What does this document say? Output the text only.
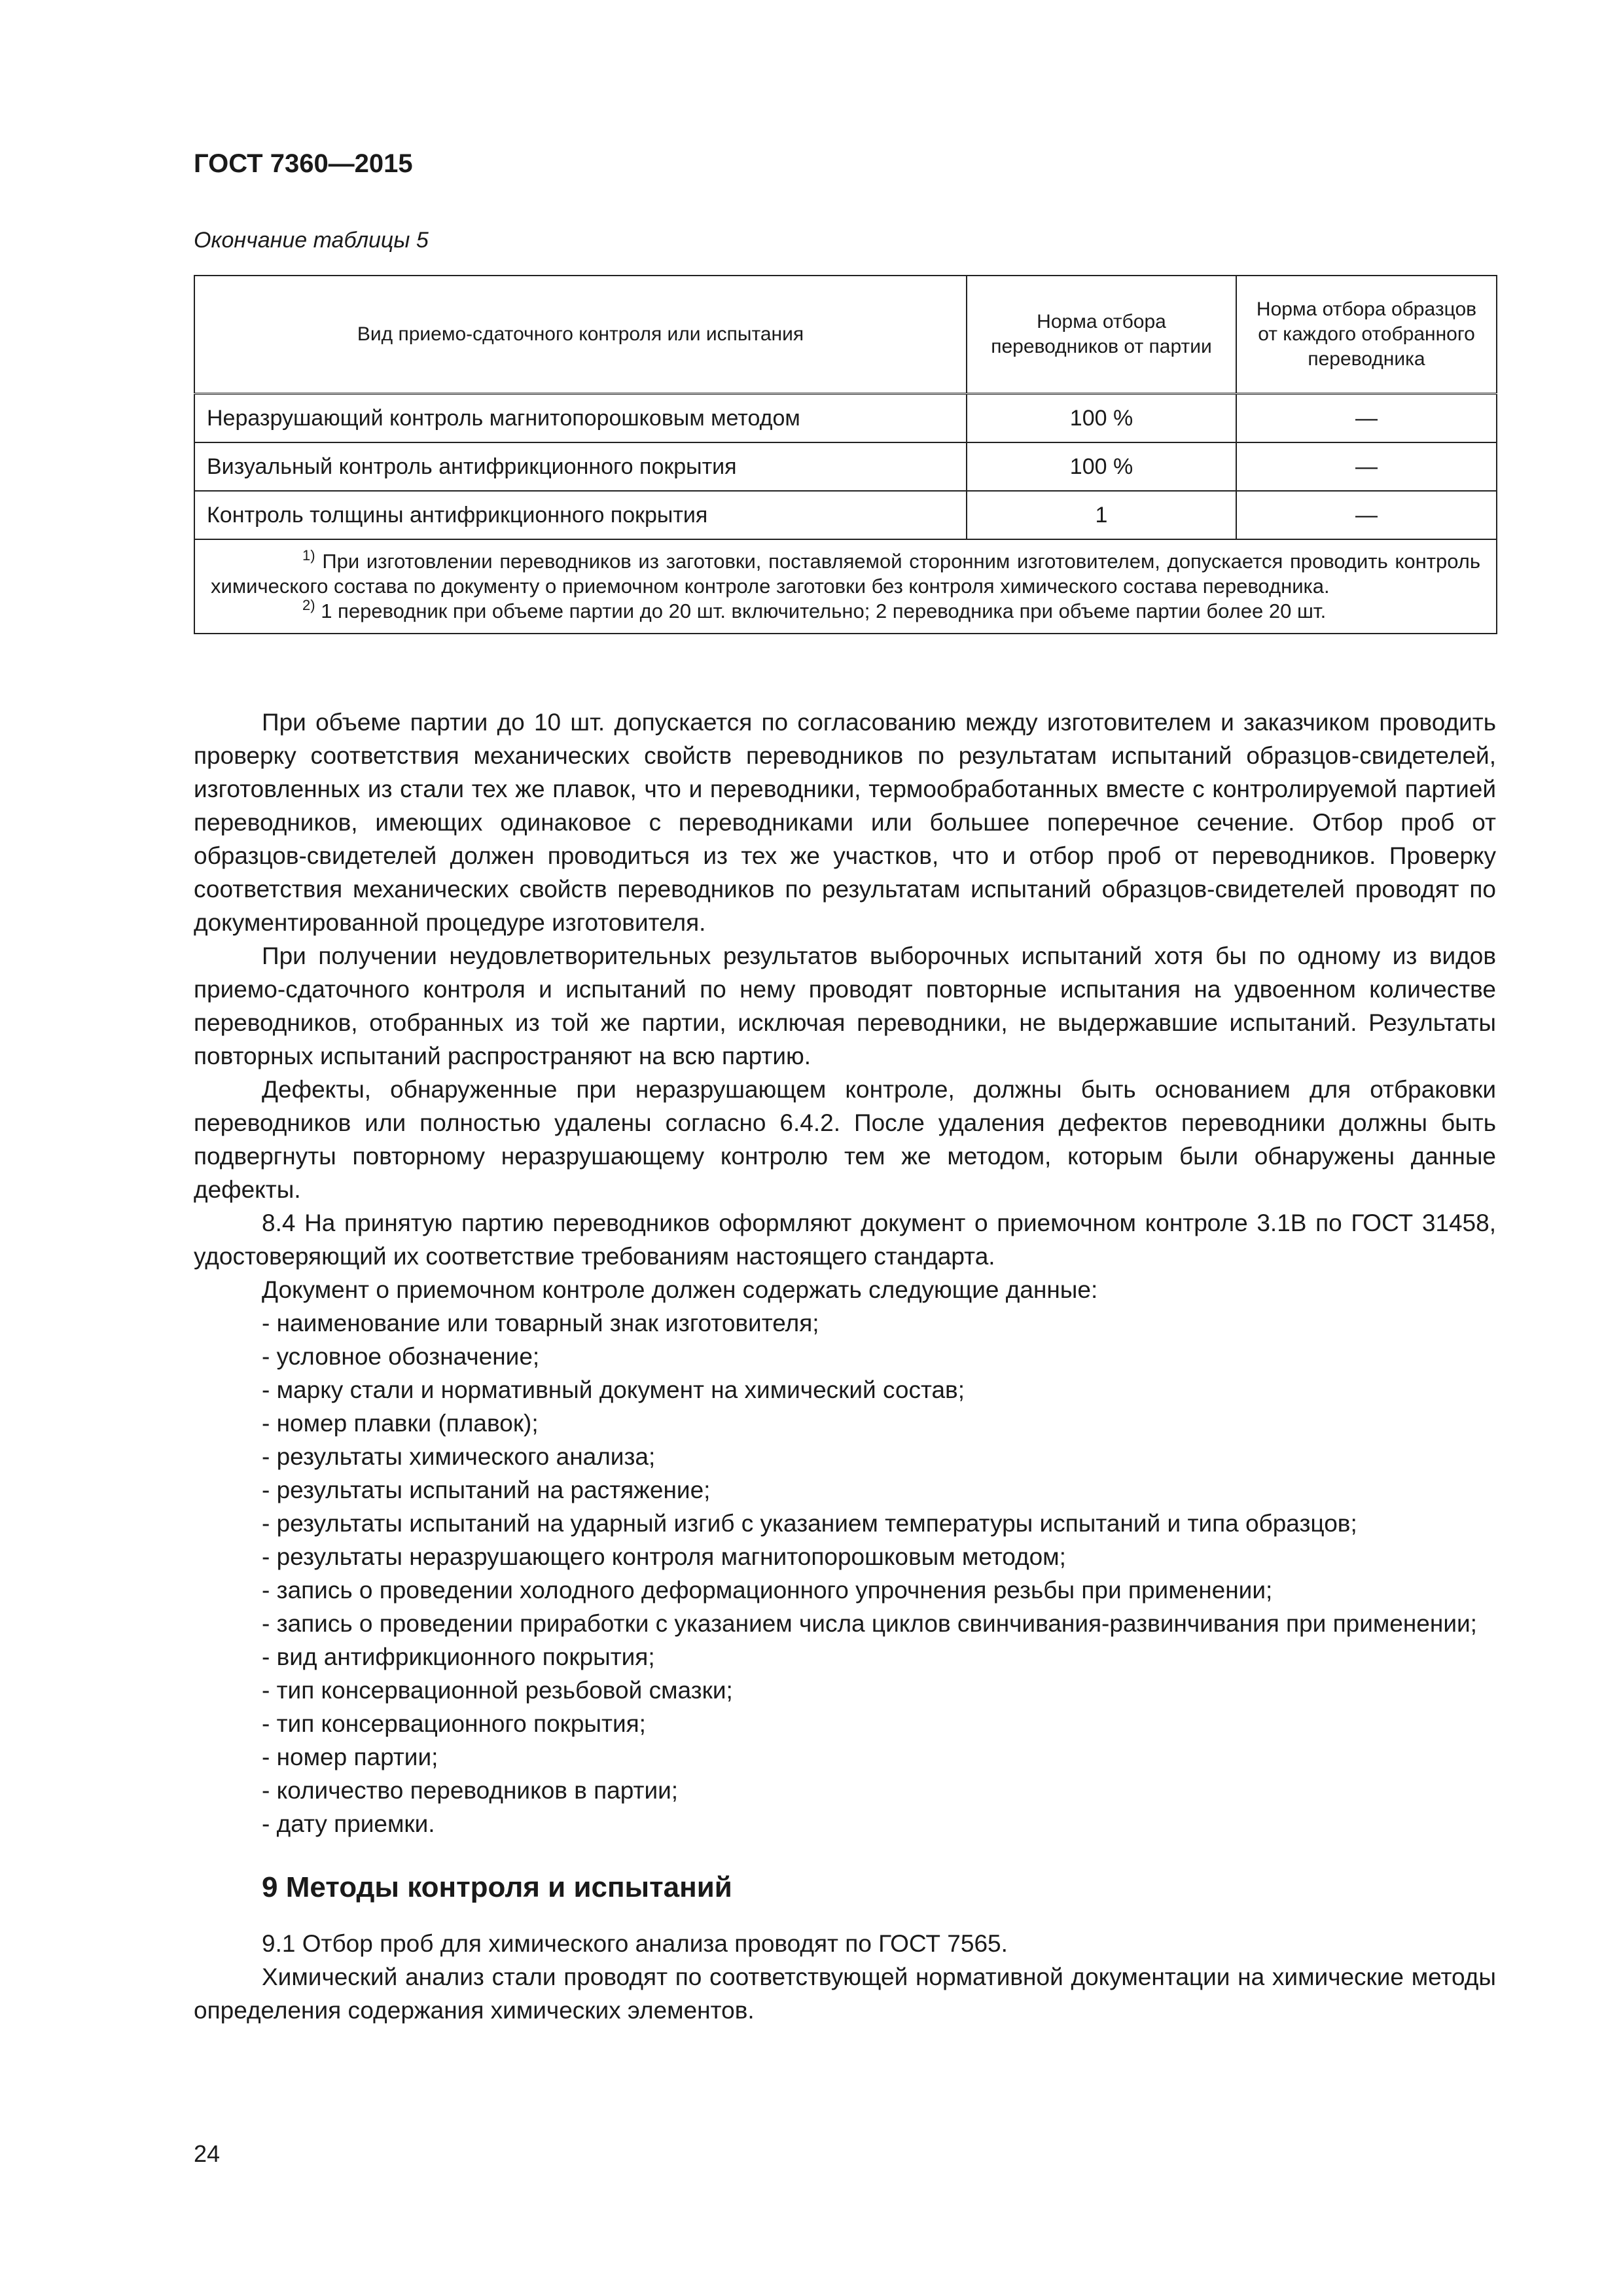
ГОСТ 7360—2015
Окончание таблицы 5
Вид приемо-сдаточного контроля или испытания	Норма отбора переводников от партии	Норма отбора образцов от каждого отобранного переводника
Неразрушающий контроль магнитопорошковым методом	100 %	—
Визуальный контроль антифрикционного покрытия	100 %	—
Контроль толщины антифрикционного покрытия	1	—

$^{1)}$ При изготовлении переводников из заготовки, поставляемой сторонним изготовителем, допускается проводить контроль химического состава по документу о приемочном контроле заготовки без контроля химического состава переводника.
$^{2)}$ 1 переводник при объеме партии до 20 шт. включительно; 2 переводника при объеме партии более 20 шт.		

При объеме партии до 10 шт. допускается по согласованию между изготовителем и заказчиком проводить проверку соответствия механических свойств переводников по результатам испытаний образцов-свидетелей, изготовленных из стали тех же плавок, что и переводники, термообработанных вместе с контролируемой партией переводников, имеющих одинаковое с переводниками или большее поперечное сечение. Отбор проб от образцов-свидетелей должен проводиться из тех же участков, что и отбор проб от переводников. Проверку соответствия механических свойств переводников по результатам испытаний образцов-свидетелей проводят по документированной процедуре изготовителя.

При получении неудовлетворительных результатов выборочных испытаний хотя бы по одному из видов приемо-сдаточного контроля и испытаний по нему проводят повторные испытания на удвоенном количестве переводников, отобранных из той же партии, исключая переводники, не выдержавшие испытаний. Результаты повторных испытаний распространяют на всю партию.

Дефекты, обнаруженные при неразрушающем контроле, должны быть основанием для отбраковки переводников или полностью удалены согласно 6.4.2. После удаления дефектов переводники должны быть подвергнуты повторному неразрушающему контролю тем же методом, которым были обнаружены данные дефекты.

8.4 На принятую партию переводников оформляют документ о приемочном контроле 3.1В по ГОСТ 31458, удостоверяющий их соответствие требованиям настоящего стандарта.

Документ о приемочном контроле должен содержать следующие данные:

- наименование или товарный знак изготовителя;
- условное обозначение;
- марку стали и нормативный документ на химический состав;
- номер плавки (плавок);
- результаты химического анализа;
- результаты испытаний на растяжение;
- результаты испытаний на ударный изгиб с указанием температуры испытаний и типа образцов;
- результаты неразрушающего контроля магнитопорошковым методом;
- запись о проведении холодного деформационного упрочнения резьбы при применении;
- запись о проведении приработки с указанием числа циклов свинчивания-развинчивания при применении;
- вид антифрикционного покрытия;
- тип консервационной резьбовой смазки;
- тип консервационного покрытия;
- номер партии;
- количество переводников в партии;
- дату приемки.
9 Методы контроля и испытаний

9.1 Отбор проб для химического анализа проводят по ГОСТ 7565.

Химический анализ стали проводят по соответствующей нормативной документации на химические методы определения содержания химических элементов.

24
